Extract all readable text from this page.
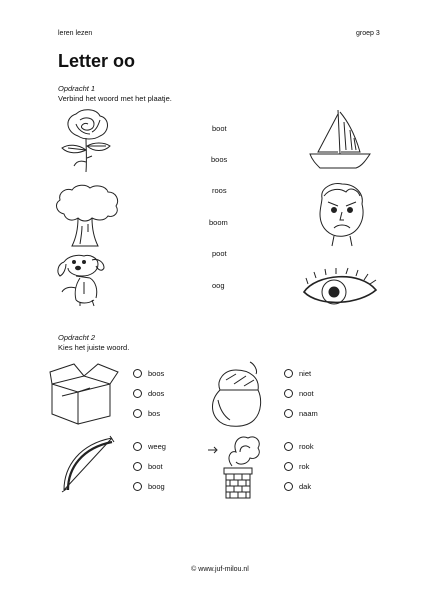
leren lezen	groep 3
Letter oo
Opdracht 1
Verbind het woord met het plaatje.
boot
boos
roos
boom
poot
oog
Opdracht 2
Kies het juiste woord.
boos
doos
bos
niet
noot
naam
weeg
boot
boog
rook
rok
dak
© www.juf-milou.nl
